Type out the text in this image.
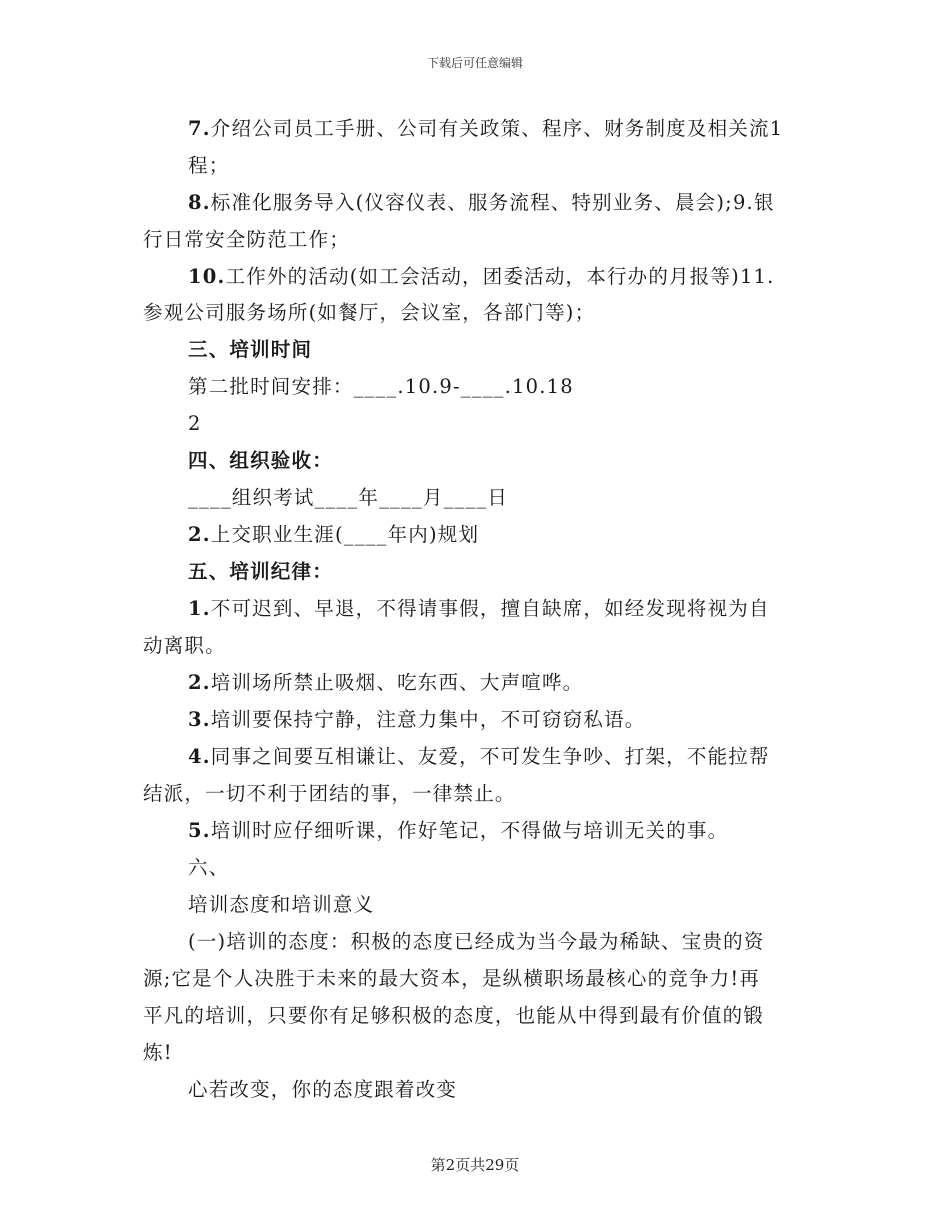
下载后可任意编辑
7.介绍公司员工手册、公司有关政策、程序、财务制度及相关流1
程；
8.标准化服务导入(仪容仪表、服务流程、特别业务、晨会);9.银
行日常安全防范工作；
10.工作外的活动(如工会活动，团委活动，本行办的月报等)11.
参观公司服务场所(如餐厅，会议室，各部门等)；
三、培训时间
第二批时间安排：____.10.9-____.10.18
2
四、组织验收：
____组织考试____年____月____日
2.上交职业生涯(____年内)规划
五、培训纪律：
1.不可迟到、早退，不得请事假，擅自缺席，如经发现将视为自
动离职。
2.培训场所禁止吸烟、吃东西、大声喧哗。
3.培训要保持宁静，注意力集中，不可窃窃私语。
4.同事之间要互相谦让、友爱，不可发生争吵、打架，不能拉帮
结派，一切不利于团结的事，一律禁止。
5.培训时应仔细听课，作好笔记，不得做与培训无关的事。
六、
培训态度和培训意义
(一)培训的态度：积极的态度已经成为当今最为稀缺、宝贵的资
源;它是个人决胜于未来的最大资本，是纵横职场最核心的竞争力!再
平凡的培训，只要你有足够积极的态度，也能从中得到最有价值的锻
炼!
心若改变，你的态度跟着改变
第2页共29页
